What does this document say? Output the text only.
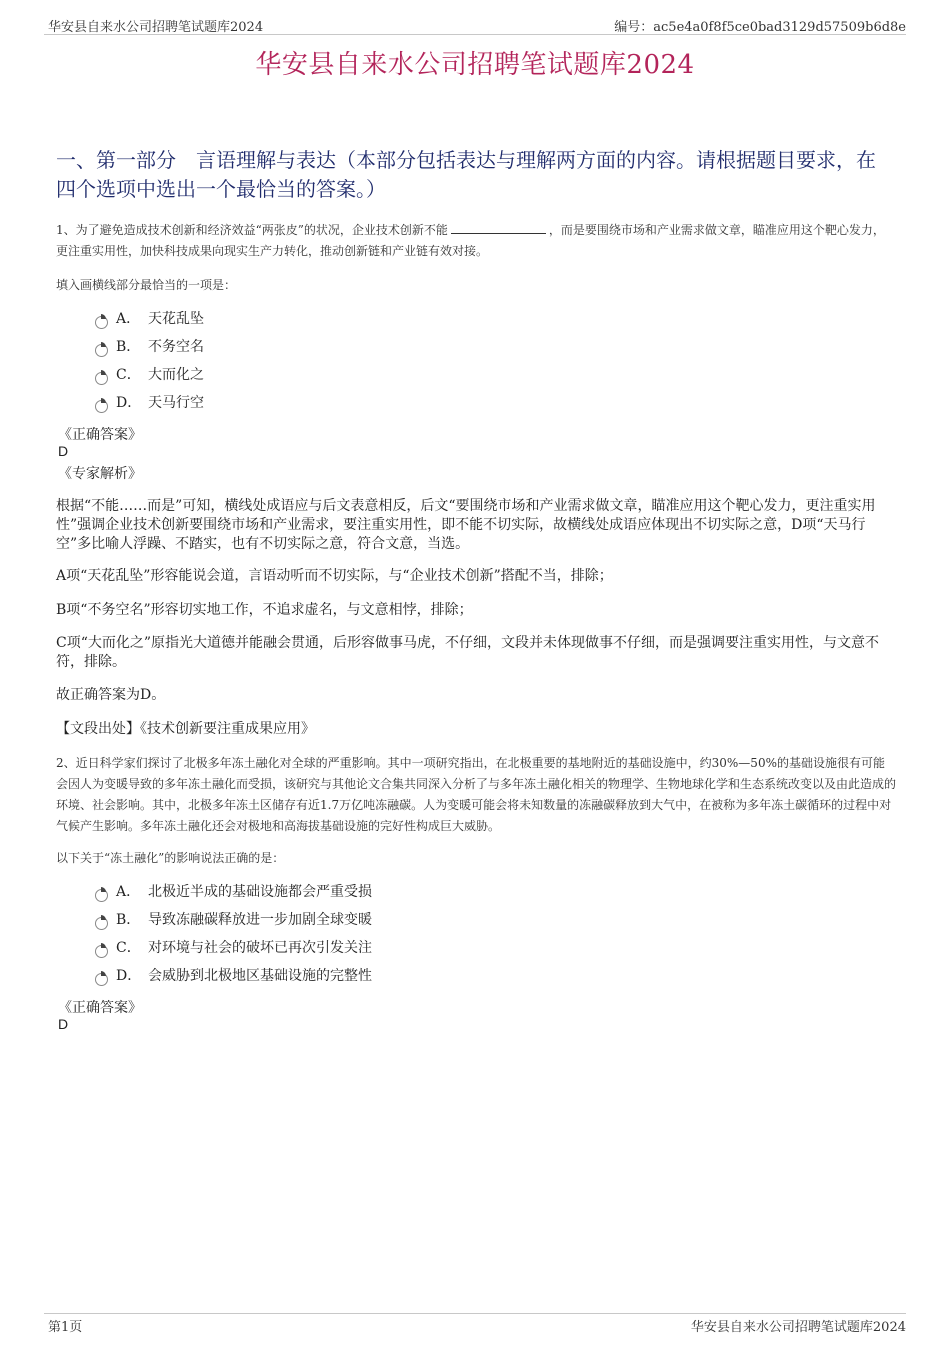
华安县自来水公司招聘笔试题库2024	编号：ac5e4a0f8f5ce0bad3129d57509b6d8e
华安县自来水公司招聘笔试题库2024
一、第一部分　言语理解与表达（本部分包括表达与理解两方面的内容。请根据题目要求，在四个选项中选出一个最恰当的答案。）
1、为了避免造成技术创新和经济效益“两张皮”的状况，企业技术创新不能	，而是要围绕市场和产业需求做文章，瞄准应用这个靶心发力，更注重实用性，加快科技成果向现实生产力转化，推动创新链和产业链有效对接。
填入画横线部分最恰当的一项是：
A． 天花乱坠
B． 不务空名
C． 大而化之
D． 天马行空
《正确答案》
D
《专家解析》
根据“不能……而是”可知，横线处成语应与后文表意相反，后文“要围绕市场和产业需求做文章，瞄准应用这个靶心发力，更注重实用性”强调企业技术创新要围绕市场和产业需求，要注重实用性，即不能不切实际，故横线处成语应体现出不切实际之意，D项“天马行空”多比喻人浮躁、不踏实，也有不切实际之意，符合文意，当选。
A项“天花乱坠”形容能说会道，言语动听而不切实际，与“企业技术创新”搭配不当，排除；
B项“不务空名”形容切实地工作，不追求虚名，与文意相悖，排除；
C项“大而化之”原指光大道德并能融会贯通，后形容做事马虎，不仔细，文段并未体现做事不仔细，而是强调要注重实用性，与文意不符，排除。
故正确答案为D。
【文段出处】《技术创新要注重成果应用》
2、近日科学家们探讨了北极多年冻土融化对全球的严重影响。其中一项研究指出，在北极重要的基地附近的基础设施中，约30%—50%的基础设施很有可能会因人为变暖导致的多年冻土融化而受损，该研究与其他论文合集共同深入分析了与多年冻土融化相关的物理学、生物地球化学和生态系统改变以及由此造成的环境、社会影响。其中，北极多年冻土区储存有近1.7万亿吨冻融碳。人为变暖可能会将未知数量的冻融碳释放到大气中，在被称为多年冻土碳循环的过程中对气候产生影响。多年冻土融化还会对极地和高海拔基础设施的完好性构成巨大威胁。
以下关于“冻土融化”的影响说法正确的是：
A． 北极近半成的基础设施都会严重受损
B． 导致冻融碳释放进一步加剧全球变暖
C． 对环境与社会的破坏已再次引发关注
D． 会威胁到北极地区基础设施的完整性
《正确答案》
D
第1页	华安县自来水公司招聘笔试题库2024
